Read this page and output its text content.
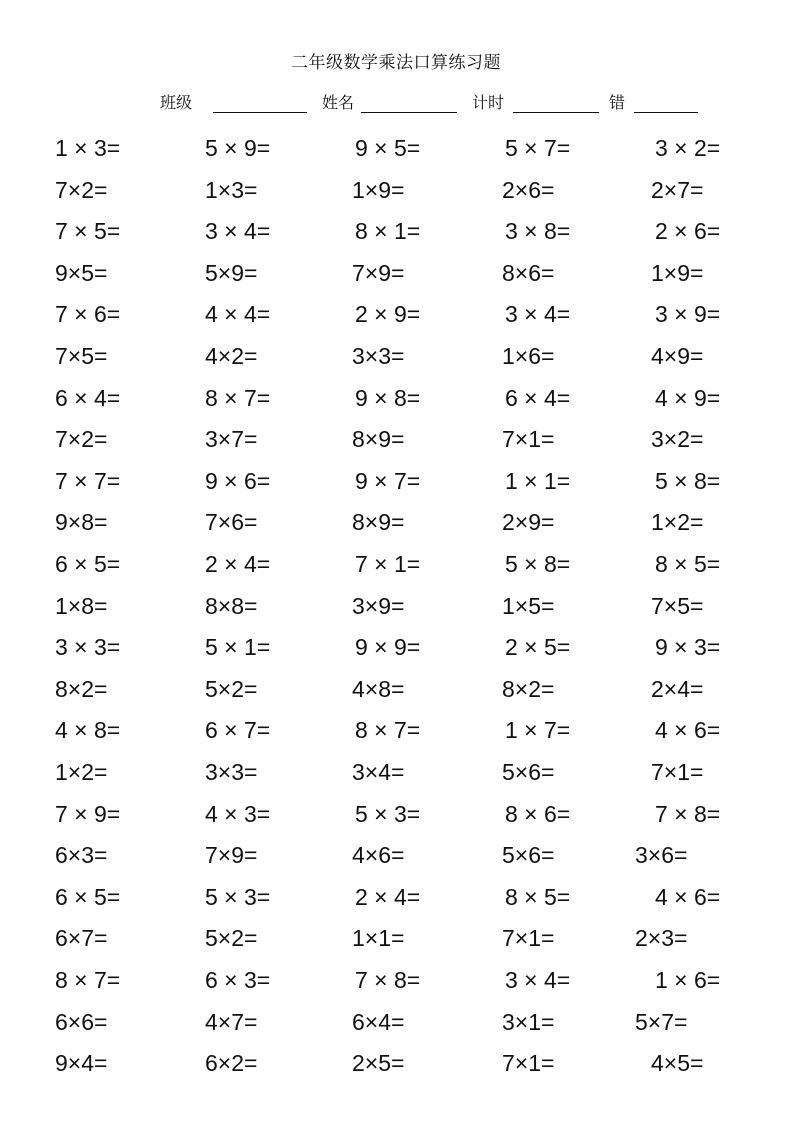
二年级数学乘法口算练习题
班级	姓名	计时	错
1 × 3=	5 × 9=	9 × 5=	5 × 7=	3 × 2=
7×2=	1×3=	1×9=	2×6=	2×7=
7 × 5=	3 × 4=	8 × 1=	3 × 8=	2 × 6=
9×5=	5×9=	7×9=	8×6=	1×9=
7 × 6=	4 × 4=	2 × 9=	3 × 4=	3 × 9=
7×5=	4×2=	3×3=	1×6=	4×9=
6 × 4=	8 × 7=	9 × 8=	6 × 4=	4 × 9=
7×2=	3×7=	8×9=	7×1=	3×2=
7 × 7=	9 × 6=	9 × 7=	1 × 1=	5 × 8=
9×8=	7×6=	8×9=	2×9=	1×2=
6 × 5=	2 × 4=	7 × 1=	5 × 8=	8 × 5=
1×8=	8×8=	3×9=	1×5=	7×5=
3 × 3=	5 × 1=	9 × 9=	2 × 5=	9 × 3=
8×2=	5×2=	4×8=	8×2=	2×4=
4 × 8=	6 × 7=	8 × 7=	1 × 7=	4 × 6=
1×2=	3×3=	3×4=	5×6=	7×1=
7 × 9=	4 × 3=	5 × 3=	8 × 6=	7 × 8=
6×3=	7×9=	4×6=	5×6=	3×6=
6 × 5=	5 × 3=	2 × 4=	8 × 5=	4 × 6=
6×7=	5×2=	1×1=	7×1=	2×3=
8 × 7=	6 × 3=	7 × 8=	3 × 4=	1 × 6=
6×6=	4×7=	6×4=	3×1=	5×7=
9×4=	6×2=	2×5=	7×1=	4×5=
